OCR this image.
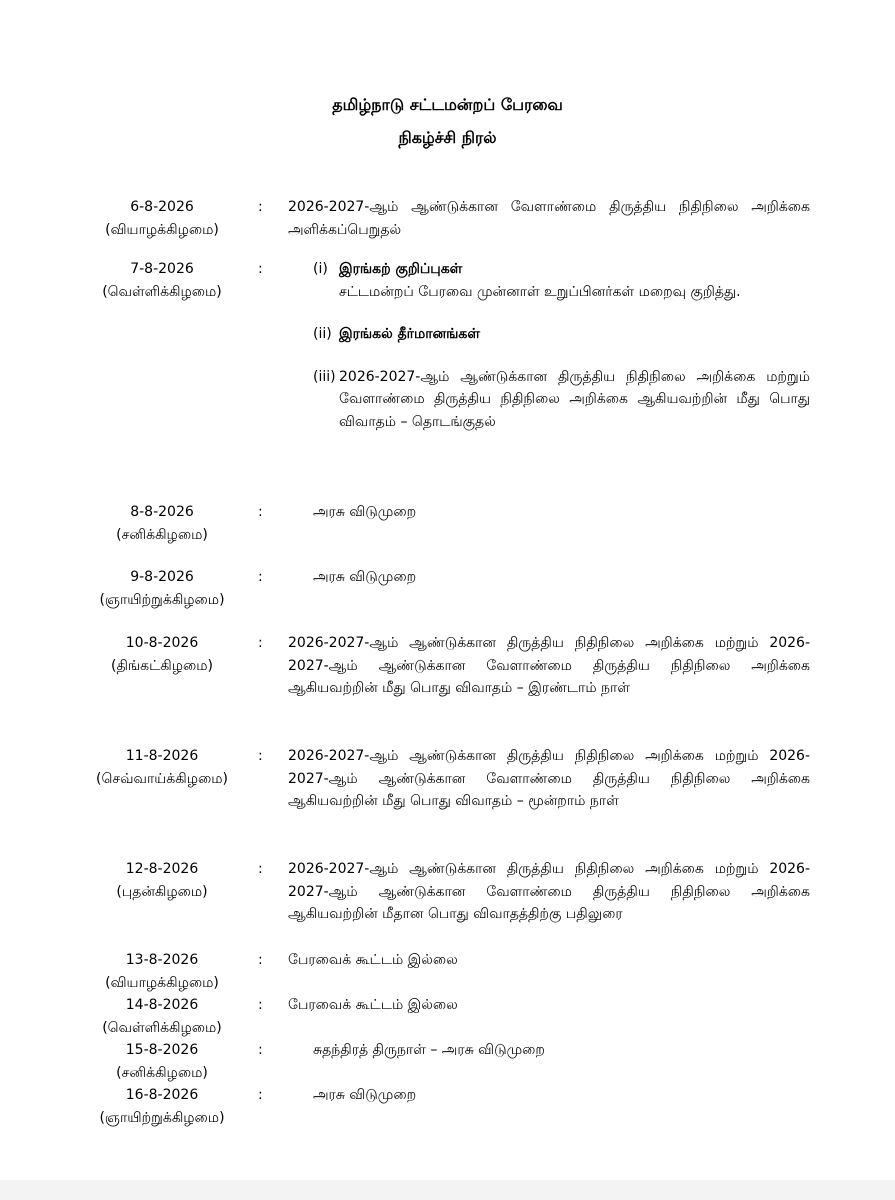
தமிழ்நாடு சட்டமன்றப் பேரவை
நிகழ்ச்சி நிரல்
6-8-2026
(வியாழக்கிழமை)
: 2026-2027-ஆம் ஆண்டுக்கான வேளாண்மை திருத்திய நிதிநிலை அறிக்கை அளிக்கப்பெறுதல்
7-8-2026
(வெள்ளிக்கிழமை)
:	(i) இரங்கற் குறிப்புகள்
சட்டமன்றப் பேரவை முன்னாள் உறுப்பினர்கள் மறைவு குறித்து.
(ii) இரங்கல் தீர்மானங்கள்
(iii) 2026-2027-ஆம் ஆண்டுக்கான திருத்திய நிதிநிலை அறிக்கை மற்றும் வேளாண்மை திருத்திய நிதிநிலை அறிக்கை ஆகியவற்றின் மீது பொது விவாதம் – தொடங்குதல்
8-8-2026
(சனிக்கிழமை)
:	அரசு விடுமுறை
9-8-2026
(ஞாயிற்றுக்கிழமை)
:	அரசு விடுமுறை
10-8-2026
(திங்கட்கிழமை)
: 2026-2027-ஆம் ஆண்டுக்கான திருத்திய நிதிநிலை அறிக்கை மற்றும் 2026-2027-ஆம் ஆண்டுக்கான வேளாண்மை திருத்திய நிதிநிலை அறிக்கை ஆகியவற்றின் மீது பொது விவாதம் – இரண்டாம் நாள்
11-8-2026
(செவ்வாய்க்கிழமை)
: 2026-2027-ஆம் ஆண்டுக்கான திருத்திய நிதிநிலை அறிக்கை மற்றும் 2026-2027-ஆம் ஆண்டுக்கான வேளாண்மை திருத்திய நிதிநிலை அறிக்கை ஆகியவற்றின் மீது பொது விவாதம் – மூன்றாம் நாள்
12-8-2026
(புதன்கிழமை)
: 2026-2027-ஆம் ஆண்டுக்கான திருத்திய நிதிநிலை அறிக்கை மற்றும் 2026-2027-ஆம் ஆண்டுக்கான வேளாண்மை திருத்திய நிதிநிலை அறிக்கை ஆகியவற்றின் மீதான பொது விவாதத்திற்கு பதிலுரை
13-8-2026
(வியாழக்கிழமை)
: பேரவைக் கூட்டம் இல்லை
14-8-2026
(வெள்ளிக்கிழமை)
: பேரவைக் கூட்டம் இல்லை
15-8-2026
(சனிக்கிழமை)
:	சுதந்திரத் திருநாள் – அரசு விடுமுறை
16-8-2026
(ஞாயிற்றுக்கிழமை)
:	அரசு விடுமுறை
